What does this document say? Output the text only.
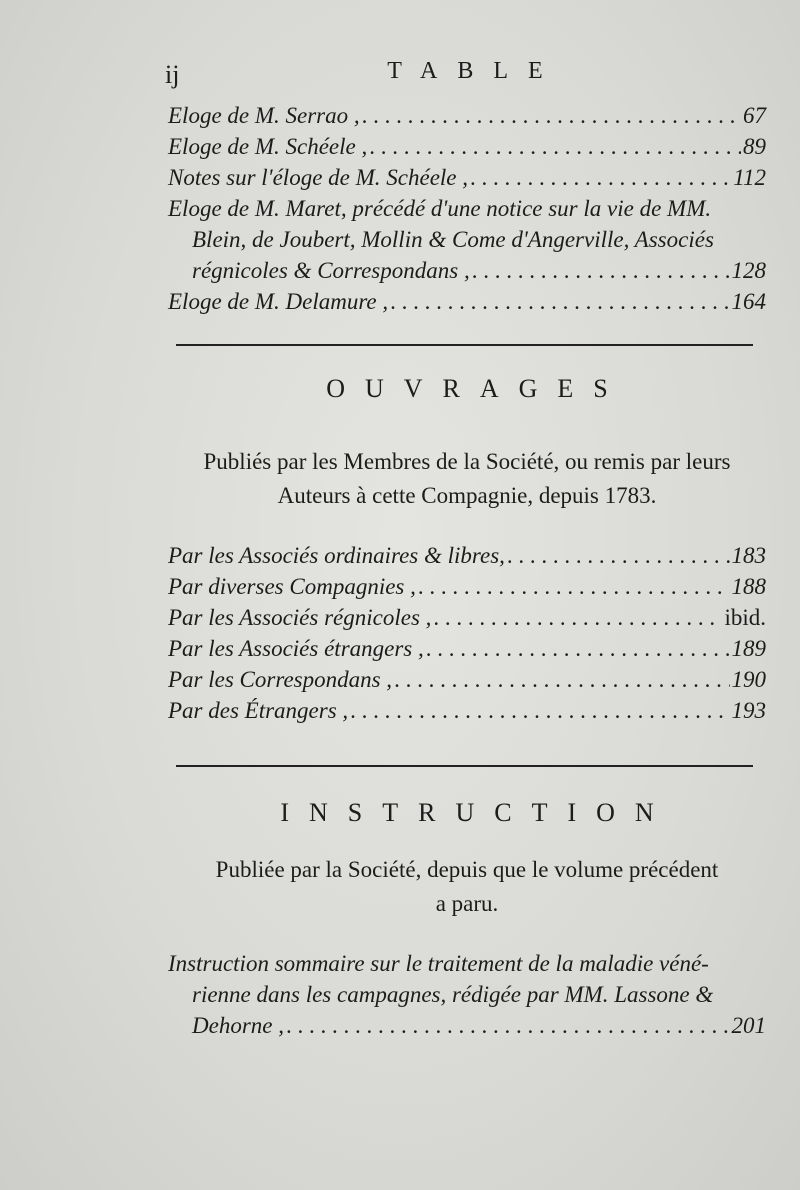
ij	TABLE
Eloge de M. Serrao , . . .	67
Eloge de M. Schéele , . . .	89
Notes sur l'éloge de M. Schéele , . . .	112
Eloge de M. Maret, précédé d'une notice sur la vie de MM.
Blein, de Joubert, Mollin & Come d'Angerville, Associés
régnicoles & Correspondans , . . .	128
Eloge de M. Delamure , . . .	164
OUVRAGES
Publiés par les Membres de la Société, ou remis par leurs
Auteurs à cette Compagnie, depuis 1783.
Par les Associés ordinaires & libres, . . .	183
Par diverses Compagnies , . . .	188
Par les Associés régnicoles , . . .	ibid.
Par les Associés étrangers , . . .	189
Par les Correspondans , . . .	190
Par des Étrangers , . . .	193
INSTRUCTION
Publiée par la Société, depuis que le volume précédent
a paru.
Instruction sommaire sur le traitement de la maladie véné-
rienne dans les campagnes, rédigée par MM. Lassone &
Dehorne , . . .	201
